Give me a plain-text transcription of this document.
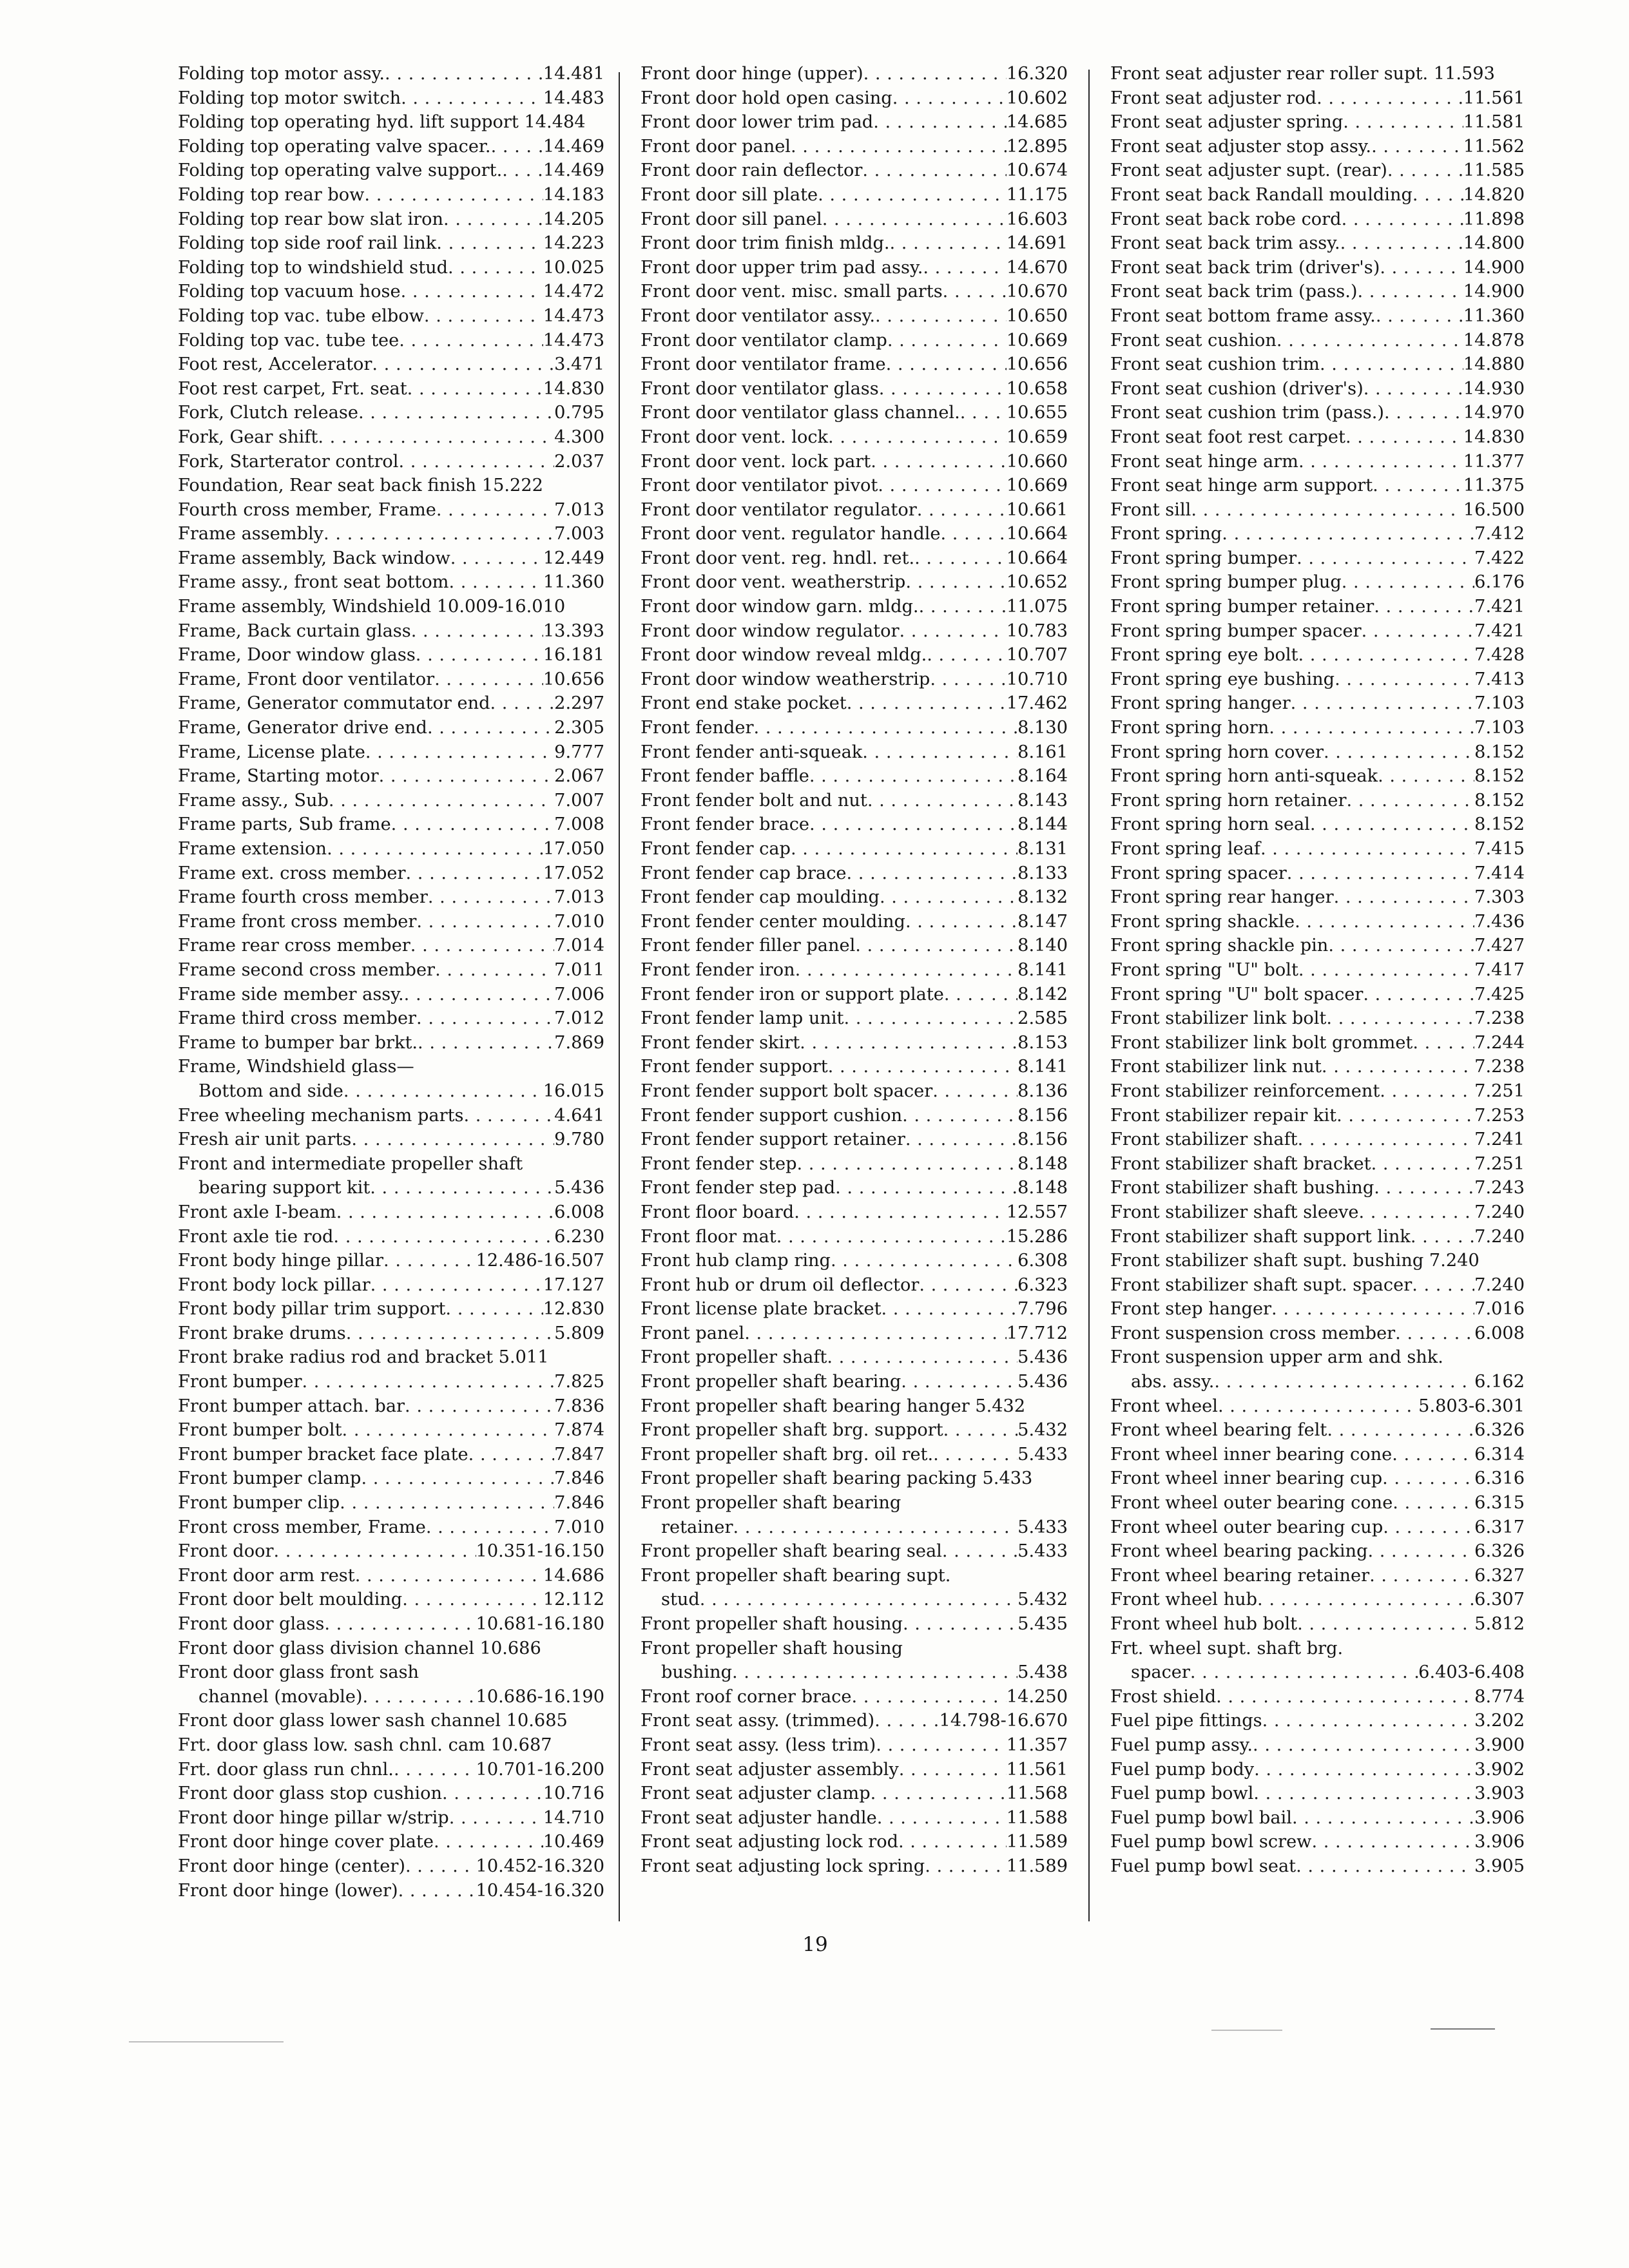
Folding top motor assy. . . .	14.481
Folding top motor switch . . .	14.483
Folding top operating hyd. lift support 14.484
Folding top operating valve spacer. . . .	14.469
Folding top operating valve support. . . . 14.469
Folding top rear bow . . .	14.183
Folding top rear bow slat iron . . .	14.205
Folding top side roof rail link . . .	14.223
Folding top to windshield stud . . .	10.025
Folding top vacuum hose . . .	14.472
Folding top vac. tube elbow . . .	14.473
Folding top vac. tube tee . . .	14.473
Foot rest, Accelerator . . .	3.471
Foot rest carpet, Frt. seat . . .	14.830
Fork, Clutch release . . .	0.795
Fork, Gear shift . . .	4.300
Fork, Starterator control . . .	2.037
Foundation, Rear seat back finish 15.222
Fourth cross member, Frame . . .	7.013
Frame assembly . . .	7.003
Frame assembly, Back window . . .	12.449
Frame assy., front seat bottom . . .	11.360
Frame assembly, Windshield 10.009-16.010
Frame, Back curtain glass . . .	13.393
Frame, Door window glass . . .	16.181
Frame, Front door ventilator . . .	10.656
Frame, Generator commutator end . . .	2.297
Frame, Generator drive end . . .	2.305
Frame, License plate . . .	9.777
Frame, Starting motor . . .	2.067
Frame assy., Sub . . .	7.007
Frame parts, Sub frame . . .	7.008
Frame extension . . .	17.050
Frame ext. cross member . . .	17.052
Frame fourth cross member . . .	7.013
Frame front cross member . . .	7.010
Frame rear cross member . . .	7.014
Frame second cross member . . .	7.011
Frame side member assy. . . .	7.006
Frame third cross member . . .	7.012
Frame to bumper bar brkt. . . .	7.869
Frame, Windshield glass—
Bottom and side . . .	16.015
Free wheeling mechanism parts . . .	4.641
Fresh air unit parts . . .	9.780
Front and intermediate propeller shaft
bearing support kit . . .	5.436
Front axle I-beam . . .	6.008
Front axle tie rod . . .	6.230
Front body hinge pillar . . .	12.486-16.507
Front body lock pillar . . .	17.127
Front body pillar trim support . . .	12.830
Front brake drums . . .	5.809
Front brake radius rod and bracket 5.011
Front bumper . . .	7.825
Front bumper attach. bar . . .	7.836
Front bumper bolt . . .	7.874
Front bumper bracket face plate . . .	7.847
Front bumper clamp . . .	7.846
Front bumper clip . . .	7.846
Front cross member, Frame . . .	7.010
Front door . . .	10.351-16.150
Front door arm rest . . .	14.686
Front door belt moulding . . .	12.112
Front door glass . . .	10.681-16.180
Front door glass division channel 10.686
Front door glass front sash
channel (movable) . . .	10.686-16.190
Front door glass lower sash channel 10.685
Frt. door glass low. sash chnl. cam 10.687
Frt. door glass run chnl. . . .	10.701-16.200
Front door glass stop cushion . . .	10.716
Front door hinge pillar w/strip . . .	14.710
Front door hinge cover plate . . .	10.469
Front door hinge (center) . . .	10.452-16.320
Front door hinge (lower) . . .	10.454-16.320
Front door hinge (upper) . . .	16.320
Front door hold open casing . . .	10.602
Front door lower trim pad . . .	14.685
Front door panel . . .	12.895
Front door rain deflector . . .	10.674
Front door sill plate . . .	11.175
Front door sill panel . . .	16.603
Front door trim finish mldg. . . .	14.691
Front door upper trim pad assy. . . .	14.670
Front door vent. misc. small parts . . .	10.670
Front door ventilator assy. . . .	10.650
Front door ventilator clamp . . .	10.669
Front door ventilator frame . . .	10.656
Front door ventilator glass . . .	10.658
Front door ventilator glass channel. . . .	10.655
Front door vent. lock . . .	10.659
Front door vent. lock part . . .	10.660
Front door ventilator pivot . . .	10.669
Front door ventilator regulator . . .	10.661
Front door vent. regulator handle . . .	10.664
Front door vent. reg. hndl. ret. . . .	10.664
Front door vent. weatherstrip . . .	10.652
Front door window garn. mldg. . . .	11.075
Front door window regulator . . .	10.783
Front door window reveal mldg. . . .	10.707
Front door window weatherstrip . . .	10.710
Front end stake pocket . . .	17.462
Front fender . . .	8.130
Front fender anti-squeak . . .	8.161
Front fender baffle . . .	8.164
Front fender bolt and nut . . .	8.143
Front fender brace . . .	8.144
Front fender cap . . .	8.131
Front fender cap brace . . .	8.133
Front fender cap moulding . . .	8.132
Front fender center moulding . . .	8.147
Front fender filler panel . . .	8.140
Front fender iron . . .	8.141
Front fender iron or support plate . . .	8.142
Front fender lamp unit . . .	2.585
Front fender skirt . . .	8.153
Front fender support . . .	8.141
Front fender support bolt spacer . . .	8.136
Front fender support cushion . . .	8.156
Front fender support retainer . . .	8.156
Front fender step . . .	8.148
Front fender step pad . . .	8.148
Front floor board . . .	12.557
Front floor mat . . .	15.286
Front hub clamp ring . . .	6.308
Front hub or drum oil deflector . . .	6.323
Front license plate bracket . . .	7.796
Front panel . . .	17.712
Front propeller shaft . . .	5.436
Front propeller shaft bearing . . .	5.436
Front propeller shaft bearing hanger 5.432
Front propeller shaft brg. support . . .	5.432
Front propeller shaft brg. oil ret. . . .	5.433
Front propeller shaft bearing packing 5.433
Front propeller shaft bearing
retainer . . .	5.433
Front propeller shaft bearing seal . . .	5.433
Front propeller shaft bearing supt.
stud . . .	5.432
Front propeller shaft housing . . .	5.435
Front propeller shaft housing
bushing . . .	5.438
Front roof corner brace . . .	14.250
Front seat assy. (trimmed) . . .	14.798-16.670
Front seat assy. (less trim) . . .	11.357
Front seat adjuster assembly . . .	11.561
Front seat adjuster clamp . . .	11.568
Front seat adjuster handle . . .	11.588
Front seat adjusting lock rod . . .	11.589
Front seat adjusting lock spring . . .	11.589
Front seat adjuster rear roller supt. 11.593
Front seat adjuster rod . . .	11.561
Front seat adjuster spring . . .	11.581
Front seat adjuster stop assy. . . .	11.562
Front seat adjuster supt. (rear) . . .	11.585
Front seat back Randall moulding . . .	14.820
Front seat back robe cord . . .	11.898
Front seat back trim assy. . . .	14.800
Front seat back trim (driver's) . . .	14.900
Front seat back trim (pass.) . . .	14.900
Front seat bottom frame assy. . . .	11.360
Front seat cushion . . .	14.878
Front seat cushion trim . . .	14.880
Front seat cushion (driver's) . . .	14.930
Front seat cushion trim (pass.) . . .	14.970
Front seat foot rest carpet . . .	14.830
Front seat hinge arm . . .	11.377
Front seat hinge arm support . . .	11.375
Front sill . . .	16.500
Front spring . . .	7.412
Front spring bumper . . .	7.422
Front spring bumper plug . . .	6.176
Front spring bumper retainer . . .	7.421
Front spring bumper spacer . . .	7.421
Front spring eye bolt . . .	7.428
Front spring eye bushing . . .	7.413
Front spring hanger . . .	7.103
Front spring horn . . .	7.103
Front spring horn cover . . .	8.152
Front spring horn anti-squeak . . .	8.152
Front spring horn retainer . . .	8.152
Front spring horn seal . . .	8.152
Front spring leaf . . .	7.415
Front spring spacer . . .	7.414
Front spring rear hanger . . .	7.303
Front spring shackle . . .	7.436
Front spring shackle pin . . .	7.427
Front spring "U" bolt . . .	7.417
Front spring "U" bolt spacer . . .	7.425
Front stabilizer link bolt . . .	7.238
Front stabilizer link bolt grommet . . .	7.244
Front stabilizer link nut . . .	7.238
Front stabilizer reinforcement . . .	7.251
Front stabilizer repair kit . . .	7.253
Front stabilizer shaft . . .	7.241
Front stabilizer shaft bracket . . .	7.251
Front stabilizer shaft bushing . . .	7.243
Front stabilizer shaft sleeve . . .	7.240
Front stabilizer shaft support link . . .	7.240
Front stabilizer shaft supt. bushing 7.240
Front stabilizer shaft supt. spacer . . .	7.240
Front step hanger . . .	7.016
Front suspension cross member . . .	6.008
Front suspension upper arm and shk.
abs. assy. . . .	6.162
Front wheel . . .	5.803-6.301
Front wheel bearing felt . . .	6.326
Front wheel inner bearing cone . . .	6.314
Front wheel inner bearing cup . . .	6.316
Front wheel outer bearing cone . . .	6.315
Front wheel outer bearing cup . . .	6.317
Front wheel bearing packing . . .	6.326
Front wheel bearing retainer . . .	6.327
Front wheel hub . . .	6.307
Front wheel hub bolt . . .	5.812
Frt. wheel supt. shaft brg.
spacer . . .	6.403-6.408
Frost shield . . .	8.774
Fuel pipe fittings . . .	3.202
Fuel pump assy. . . .	3.900
Fuel pump body . . .	3.902
Fuel pump bowl . . .	3.903
Fuel pump bowl bail . . .	3.906
Fuel pump bowl screw . . .	3.906
Fuel pump bowl seat . . .	3.905
19
